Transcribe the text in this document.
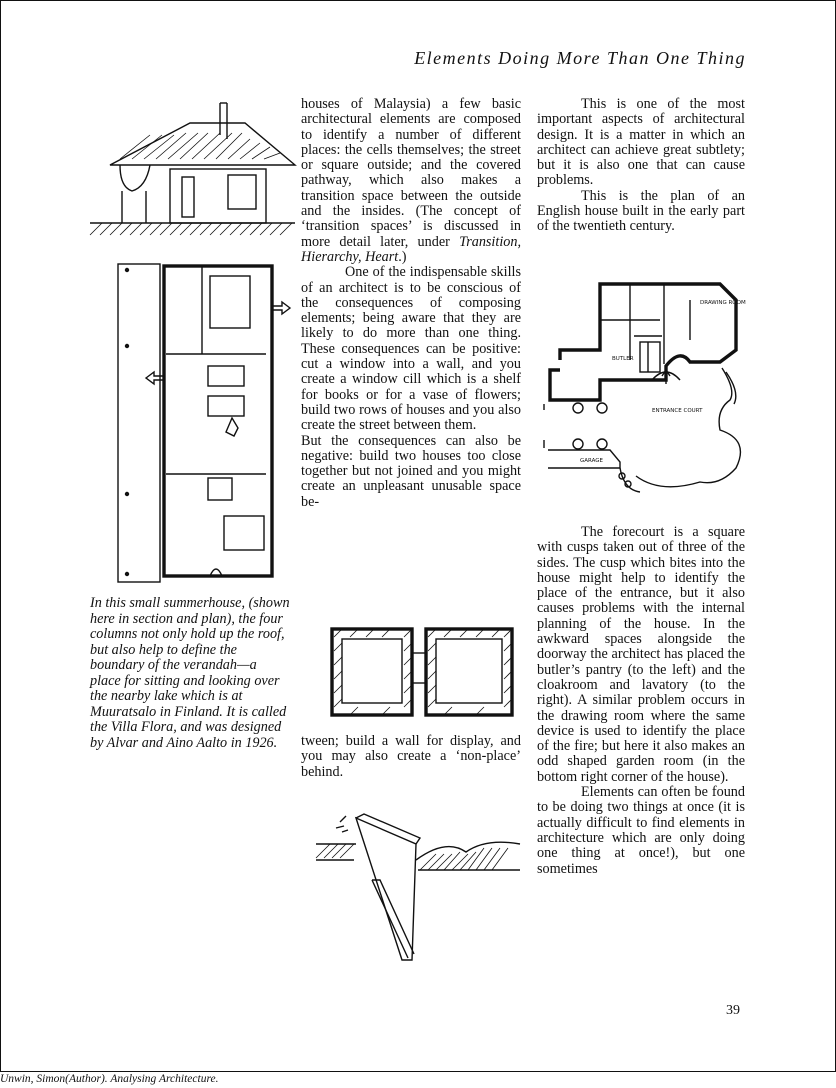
Elements Doing More Than One Thing
DRAWING ROOM
BUTLER
ENTRANCE COURT
GARAGE
In this small summerhouse, (shown here in section and plan), the four columns not only hold up the roof, but also help to define the boundary of the verandah—a place for sitting and looking over the nearby lake which is at Muuratsalo in Finland. It is called the Villa Flora, and was designed by Alvar and Aino Aalto in 1926.

houses of Malaysia) a few basic architectural elements are composed to identify a number of different places: the cells themselves; the street or square outside; and the covered pathway, which also makes a transition space between the outside and the insides. (The concept of ‘transition spaces’ is discussed in more detail later, under Transition, Hierarchy, Heart.)

One of the indispensable skills of an architect is to be conscious of the consequences of composing elements; being aware that they are likely to do more than one thing. These consequences can be positive: cut a window into a wall, and you create a window cill which is a shelf for books or for a vase of flowers; build two rows of houses and you also create the street between them.

But the consequences can also be negative: build two houses too close together but not joined and you might create an unpleasant unusable space be-

tween; build a wall for display, and you may also create a ‘non-place’ behind.

This is one of the most important aspects of architectural design. It is a matter in which an architect can achieve great subtlety; but it is also one that can cause problems.

This is the plan of an English house built in the early part of the twentieth century.

The forecourt is a square with cusps taken out of three of the sides. The cusp which bites into the house might help to identify the place of the entrance, but it also causes problems with the internal planning of the house. In the awkward spaces alongside the doorway the architect has placed the butler’s pantry (to the left) and the cloakroom and lavatory (to the right). A similar problem occurs in the drawing room where the same device is used to identify the place of the fire; but here it also makes an odd shaped garden room (in the bottom right corner of the house).

Elements can often be found to be doing two things at once (it is actually difficult to find elements in architecture which are only doing one thing at once!), but one sometimes

39
Unwin, Simon(Author). Analysing Architecture.
